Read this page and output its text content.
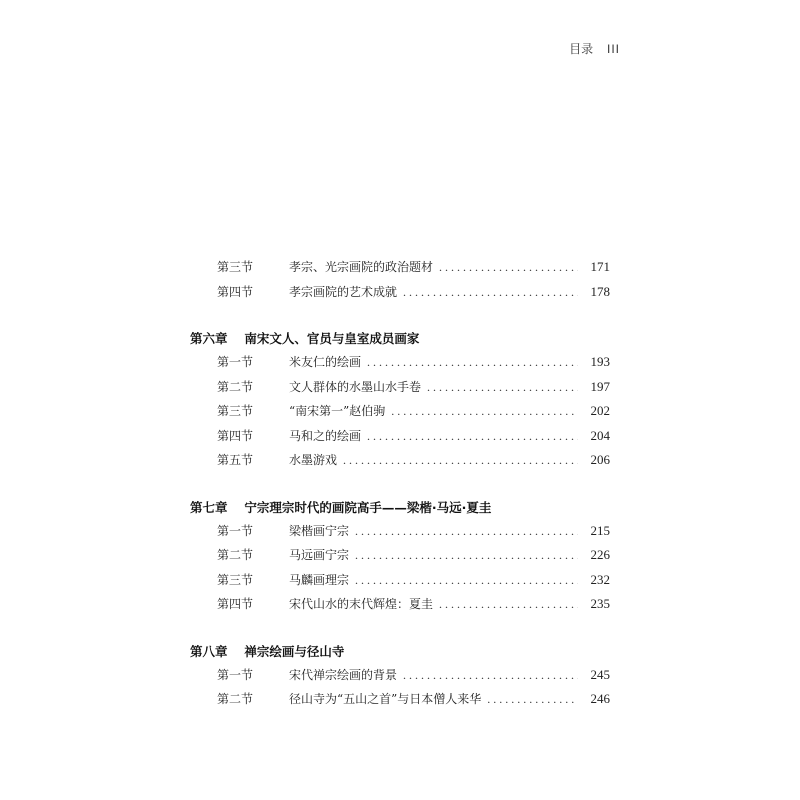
目录 III
第三节	孝宗、光宗画院的政治题材 . . .	171
第四节	孝宗画院的艺术成就 . . .	178
第六章 南宋文人、官员与皇室成员画家
第一节	米友仁的绘画 . . .	193
第二节	文人群体的水墨山水手卷 . . .	197
第三节	“南宋第一”赵伯驹 . . .	202
第四节	马和之的绘画 . . .	204
第五节	水墨游戏 . . .	206
第七章 宁宗理宗时代的画院高手——梁楷·马远·夏圭
第一节	梁楷画宁宗 . . .	215
第二节	马远画宁宗 . . .	226
第三节	马麟画理宗 . . .	232
第四节	宋代山水的末代辉煌：夏圭 . . .	235
第八章 禅宗绘画与径山寺
第一节	宋代禅宗绘画的背景 . . .	245
第二节	径山寺为“五山之首”与日本僧人来华 . . .	246
